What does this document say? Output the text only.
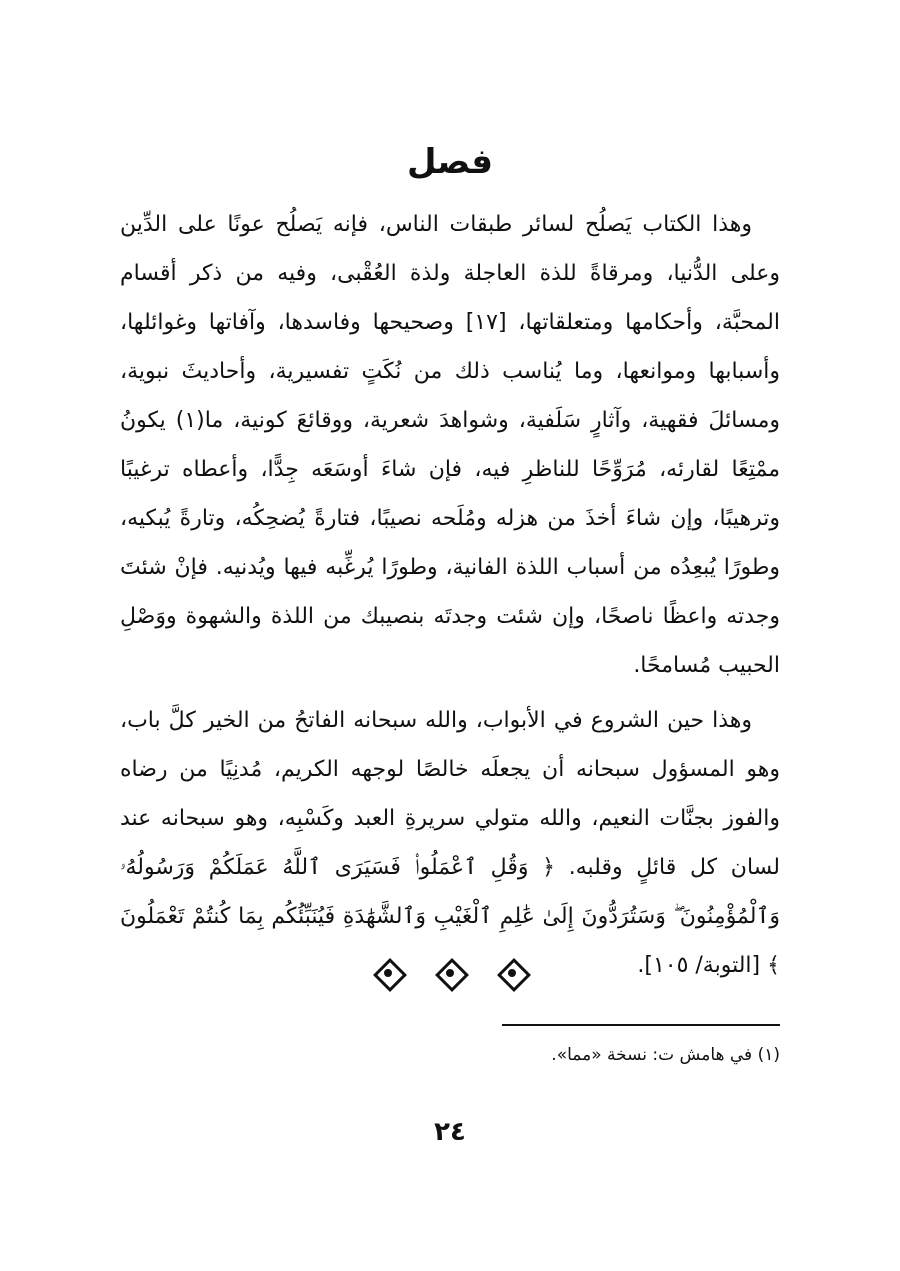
فصل

وهذا الكتاب يَصلُح لسائر طبقات الناس، فإنه يَصلُح عونًا على الدِّين وعلى الدُّنيا، ومرقاةً للذة العاجلة ولذة العُقْبى، وفيه من ذكر أقسام المحبَّة، وأحكامها ومتعلقاتها، [١٧] وصحيحها وفاسدها، وآفاتها وغوائلها، وأسبابها وموانعها، وما يُناسب ذلك من نُكَتٍ تفسيرية، وأحاديثَ نبوية، ومسائلَ فقهية، وآثارٍ سَلَفية، وشواهدَ شعرية، ووقائعَ كونية، ما(١) يكونُ ممْتِعًا لقارئه، مُرَوِّحًا للناظرِ فيه، فإن شاءَ أوسَعَه جِدًّا، وأعطاه ترغيبًا وترهيبًا، وإن شاءَ أخذَ من هزله ومُلَحه نصيبًا، فتارةً يُضحِكُه، وتارةً يُبكيه، وطورًا يُبعِدُه من أسباب اللذة الفانية، وطورًا يُرغِّبه فيها ويُدنيه. فإنْ شئتَ وجدته واعظًا ناصحًا، وإن شئت وجدتَه بنصيبك من اللذة والشهوة ووَصْلِ الحبيب مُسامحًا.

وهذا حين الشروع في الأبواب، والله سبحانه الفاتحُ من الخير كلَّ باب، وهو المسؤول سبحانه أن يجعلَه خالصًا لوجهه الكريم، مُدنِيًا من رضاه والفوز بجنَّات النعيم، والله متولي سريرةِ العبد وكَسْبِه، وهو سبحانه عند لسان كل قائلٍ وقلبه. ﴿ وَقُلِ ٱعْمَلُوا۟ فَسَيَرَى ٱللَّهُ عَمَلَكُمْ وَرَسُولُهُۥ وَٱلْمُؤْمِنُونَ ۖ وَسَتُرَدُّونَ إِلَىٰ عَٰلِمِ ٱلْغَيْبِ وَٱلشَّهَٰدَةِ فَيُنَبِّئُكُم بِمَا كُنتُمْ تَعْمَلُونَ ﴾ [التوبة/ ١٠٥].

(١) في هامش ت: نسخة «مما».
٢٤
